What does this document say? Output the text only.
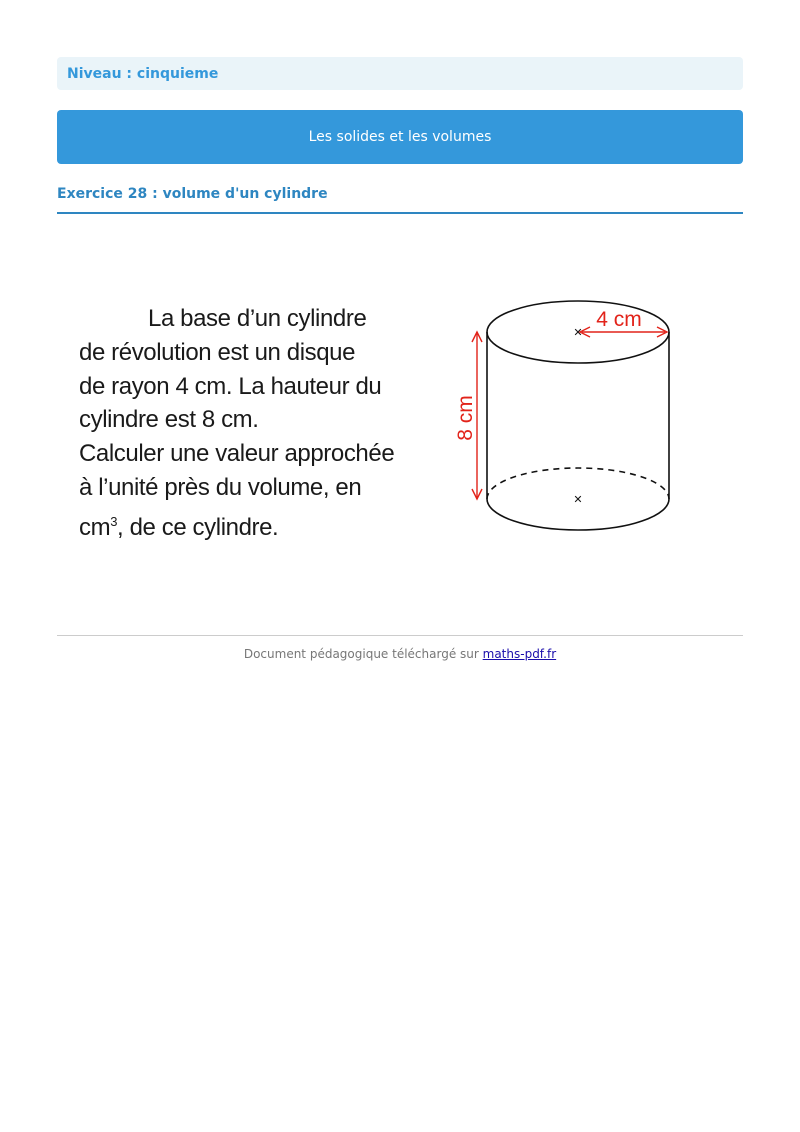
Niveau : cinquieme
Les solides et les volumes
Exercice 28 : volume d'un cylindre
La base d’un cylindre
de révolution est un disque
de rayon 4 cm. La hauteur du
cylindre est 8 cm.
Calculer une valeur approchée
à l’unité près du volume, en
$cm^3$, de ce cylindre.
✕
✕
4 cm
8 cm
Document pédagogique téléchargé sur maths-pdf.fr
